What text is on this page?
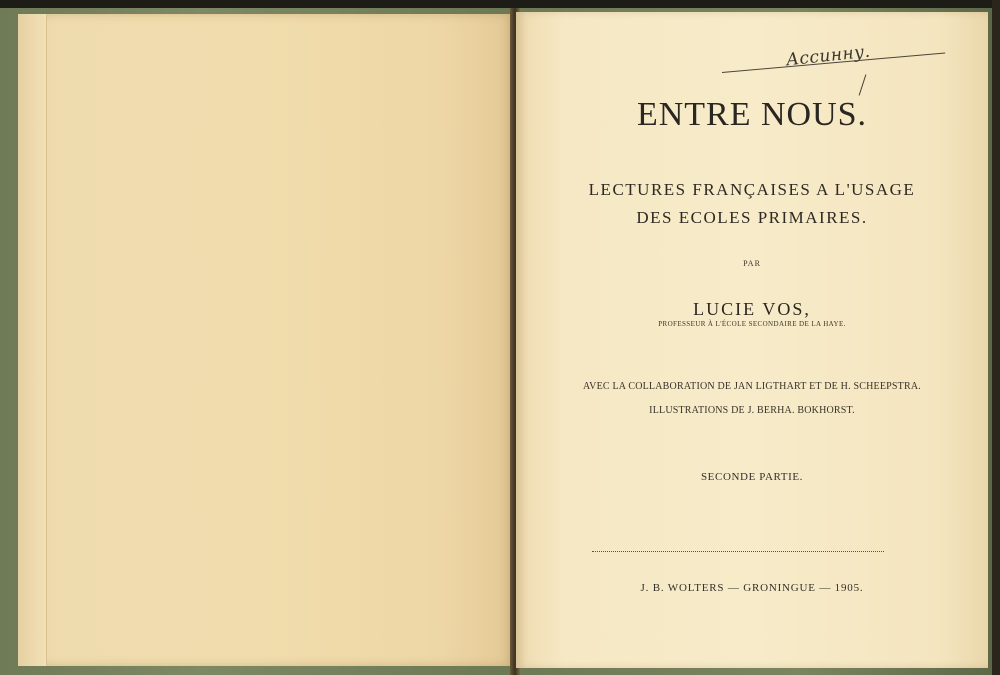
Ассинну.
ENTRE NOUS.
LECTURES FRANÇAISES A L'USAGE
DES ECOLES PRIMAIRES.
PAR
LUCIE VOS,
PROFESSEUR À L'ÉCOLE SECONDAIRE DE LA HAYE.
AVEC LA COLLABORATION DE JAN LIGTHART ET DE H. SCHEEPSTRA.
ILLUSTRATIONS DE J. BERHA. BOKHORST.
SECONDE PARTIE.
J. B. WOLTERS — GRONINGUE — 1905.
